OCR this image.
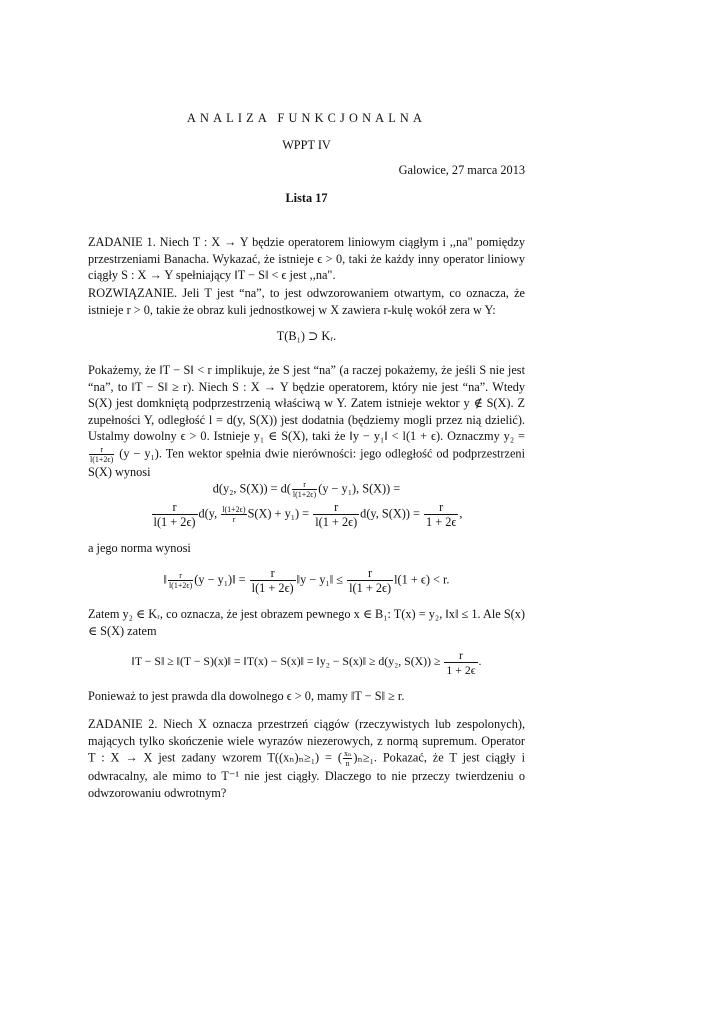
ANALIZA FUNKCJONALNA
WPPT IV
Galowice, 27 marca 2013
Lista 17
ZADANIE 1. Niech T : X → Y będzie operatorem liniowym ciągłym i ,,na" pomiędzy przestrzeniami Banacha. Wykazać, że istnieje ϵ > 0, taki że każdy inny operator liniowy ciągły S : X → Y spełniający ‖T − S‖ < ϵ jest ,,na".
ROZWIĄZANIE. Jeli T jest “na”, to jest odwzorowaniem otwartym, co oznacza, że istnieje r > 0, takie że obraz kuli jednostkowej w X zawiera r-kulę wokół zera w Y:
T(B₁) ⊃ Kᵣ.
Pokażemy, że ‖T − S‖ < r implikuje, że S jest “na” (a raczej pokażemy, że jeśli S nie jest “na”, to ‖T − S‖ ≥ r). Niech S : X → Y będzie operatorem, który nie jest “na”. Wtedy S(X) jest domkniętą podprzestrzenią właściwą w Y. Zatem istnieje wektor y ∉ S(X). Z zupełności Y, odległość l = d(y, S(X)) jest dodatnia (będziemy mogli przez nią dzielić). Ustalmy dowolny ϵ > 0. Istnieje y₁ ∈ S(X), taki że ‖y − y₁‖ < l(1 + ϵ). Oznaczmy y₂ =
$\frac{r}{l(1+2\epsilon)} (y - y_1)$. Ten wektor spełnia dwie nierówności: jego odległość od podprzestrzeni S(X) wynosi
d(y₂, $S(X)) = d( \frac{r}{l(1+2\epsilon)} (y - y_1)$, S(X)) =
$\frac{r}{l(1 + 2\epsilon)} d(y$, $\frac{l(1+2\epsilon)}{r} S(X) + y_1) = \frac{r}{l(1 + 2\epsilon)} d(y$, $S(X)) = \frac{r}{1 + 2\epsilon}$ ,
a jego norma wynosi
‖ $\frac{r}{l(1+2\epsilon)} (y$ − y₁)‖ = $\frac{r}{l(1 + 2\epsilon)}$ ‖y − y₁‖ ≤ $\frac{r}{l(1 + 2\epsilon)} l(1 + \epsilon) < r$.
Zatem y₂ ∈ Kᵣ, co oznacza, że jest obrazem pewnego x ∈ B₁: T(x) = y₂, ‖x‖ ≤ 1. Ale S(x) ∈ S(X) zatem
‖T − S‖ ≥ ‖(T − S)(x)‖ = ‖T(x) − S(x)‖ = ‖y₂ − S(x)‖ ≥ d(y₂, $S(X)) \ge \frac{r}{1 + 2\epsilon}$ .
Ponieważ to jest prawda dla dowolnego ϵ > 0, mamy ‖T − S‖ ≥ r.
ZADANIE 2. Niech X oznacza przestrzeń ciągów (rzeczywistych lub zespolonych), mających tylko skończenie wiele wyrazów niezerowych, z normą supremum. Operator T : X → X jest zadany wzorem T((xₙ)ₙ≥₁) = ( $\frac{\text{xₙ}}{n} )_n\ge_1$. Pokazać, że T jest ciągły i odwracalny, ale mimo to T⁻¹ nie jest ciągły. Dlaczego to nie przeczy twierdzeniu o odwzorowaniu odwrotnym?
